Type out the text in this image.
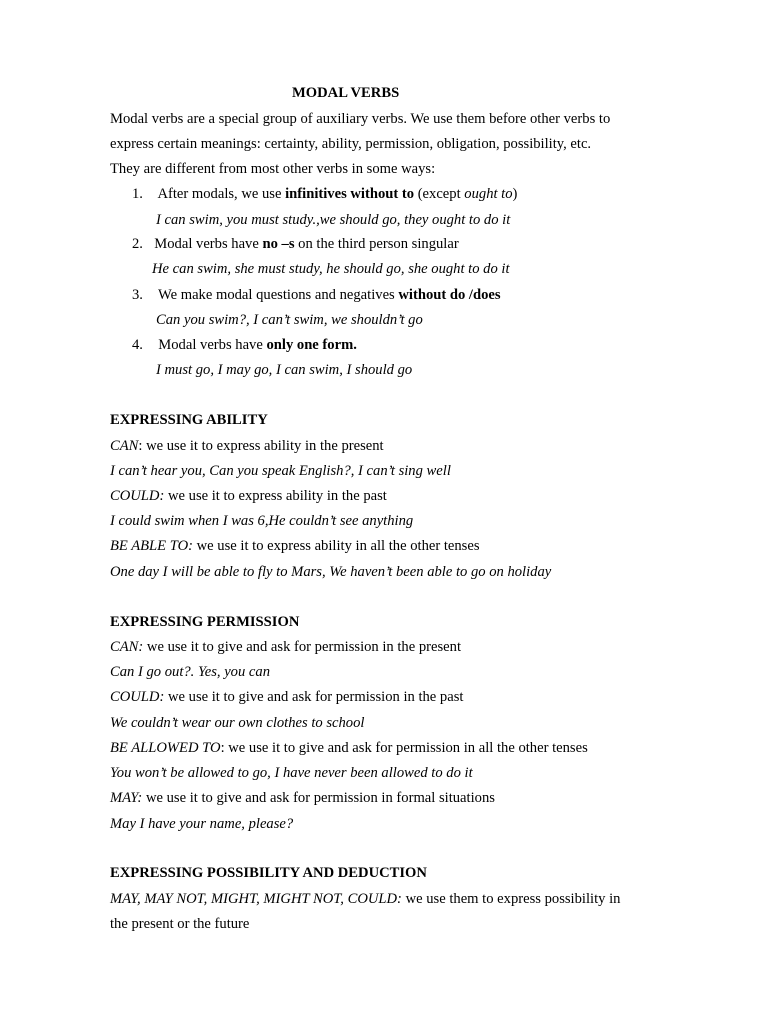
MODAL VERBS
Modal verbs are a special group of auxiliary verbs. We use them before other verbs to
express certain meanings: certainty, ability, permission, obligation, possibility, etc.
They are different from most other verbs in some ways:
1. After modals, we use infinitives without to (except ought to)
I can swim, you must study.,we should go, they ought to do it
2. Modal verbs have no –s on the third person singular
He can swim, she must study, he should go, she ought to do it
3. We make modal questions and negatives without do /does
Can you swim?, I can’t swim, we shouldn’t go
4. Modal verbs have only one form.
I must go, I may go, I can swim, I should go
EXPRESSING ABILITY
CAN: we use it to express ability in the present
I can’t hear you, Can you speak English?, I can’t sing well
COULD: we use it to express ability in the past
I could swim when I was 6,He couldn’t see anything
BE ABLE TO: we use it to express ability in all the other tenses
One day I will be able to fly to Mars, We haven’t been able to go on holiday
EXPRESSING PERMISSION
CAN: we use it to give and ask for permission in the present
Can I go out?. Yes, you can
COULD: we use it to give and ask for permission in the past
We couldn’t wear our own clothes to school
BE ALLOWED TO: we use it to give and ask for permission in all the other tenses
You won’t be allowed to go, I have never been allowed to do it
MAY: we use it to give and ask for permission in formal situations
May I have your name, please?
EXPRESSING POSSIBILITY AND DEDUCTION
MAY, MAY NOT, MIGHT, MIGHT NOT, COULD: we use them to express possibility in
the present or the future
